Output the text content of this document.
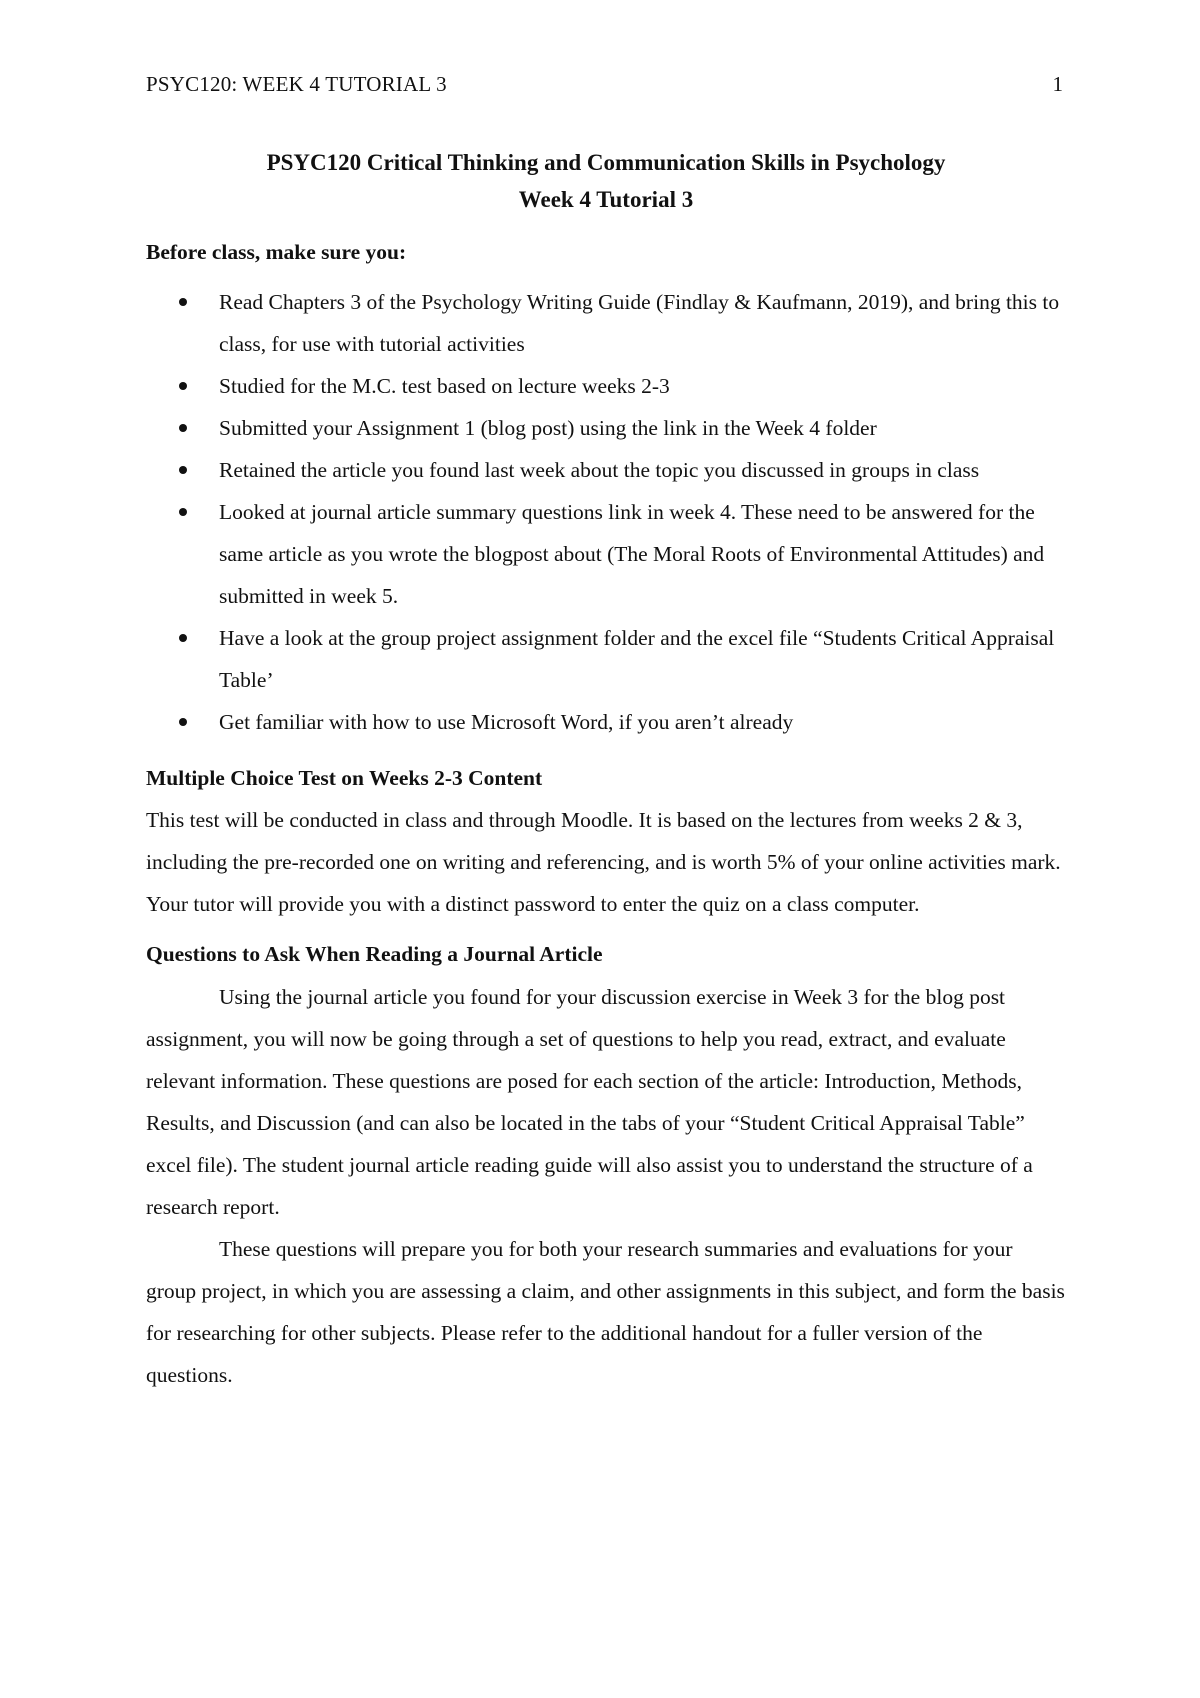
PSYC120: WEEK 4 TUTORIAL 3	1
PSYC120 Critical Thinking and Communication Skills in Psychology
Week 4 Tutorial 3
Before class, make sure you:
Read Chapters 3 of the Psychology Writing Guide (Findlay & Kaufmann, 2019), and bring this to class, for use with tutorial activities
Studied for the M.C. test based on lecture weeks 2-3
Submitted your Assignment 1 (blog post) using the link in the Week 4 folder
Retained the article you found last week about the topic you discussed in groups in class
Looked at journal article summary questions link in week 4. These need to be answered for the same article as you wrote the blogpost about (The Moral Roots of Environmental Attitudes) and submitted in week 5.
Have a look at the group project assignment folder and the excel file “Students Critical Appraisal Table’
Get familiar with how to use Microsoft Word, if you aren’t already
Multiple Choice Test on Weeks 2-3 Content

This test will be conducted in class and through Moodle. It is based on the lectures from weeks 2 & 3, including the pre-recorded one on writing and referencing, and is worth 5% of your online activities mark. Your tutor will provide you with a distinct password to enter the quiz on a class computer.

Questions to Ask When Reading a Journal Article

Using the journal article you found for your discussion exercise in Week 3 for the blog post assignment, you will now be going through a set of questions to help you read, extract, and evaluate relevant information. These questions are posed for each section of the article: Introduction, Methods, Results, and Discussion (and can also be located in the tabs of your “Student Critical Appraisal Table” excel file). The student journal article reading guide will also assist you to understand the structure of a research report.

These questions will prepare you for both your research summaries and evaluations for your group project, in which you are assessing a claim, and other assignments in this subject, and form the basis for researching for other subjects. Please refer to the additional handout for a fuller version of the questions.
